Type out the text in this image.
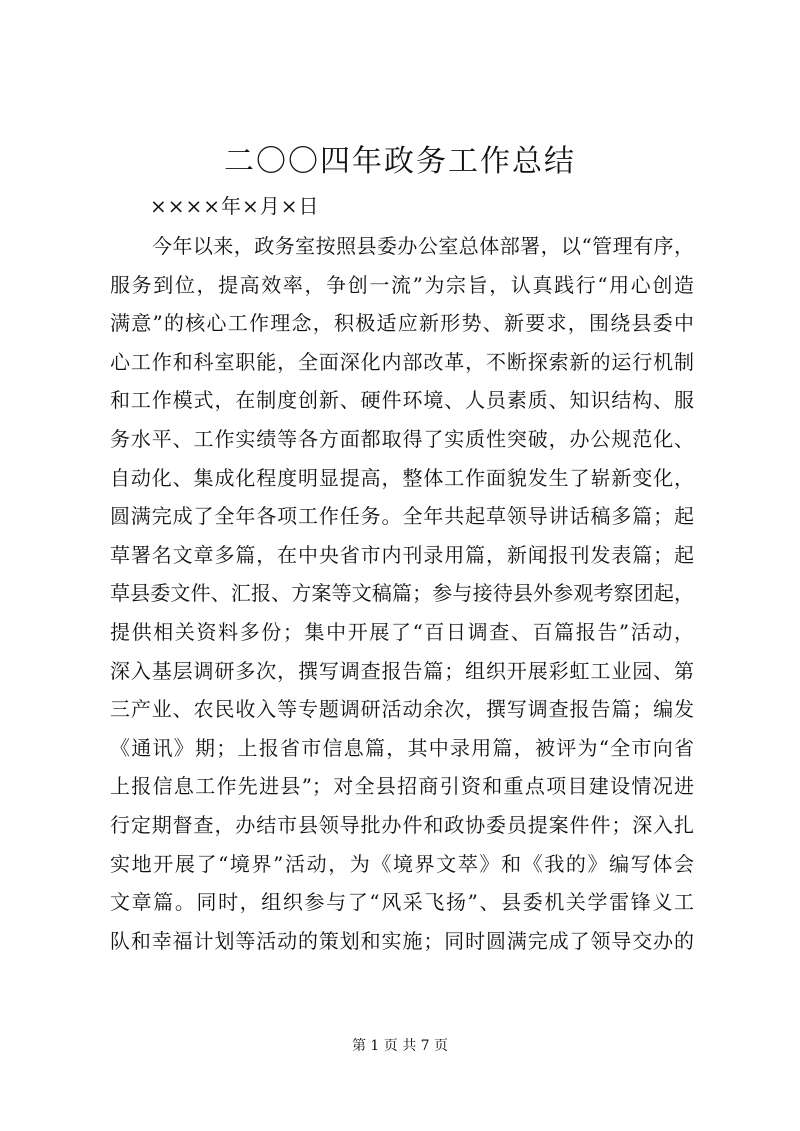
二〇〇四年政务工作总结
××××年×月×日
今年以来，政务室按照县委办公室总体部署，以“管理有序，
服务到位，提高效率，争创一流”为宗旨，认真践行“用心创造
满意”的核心工作理念，积极适应新形势、新要求，围绕县委中
心工作和科室职能，全面深化内部改革，不断探索新的运行机制
和工作模式，在制度创新、硬件环境、人员素质、知识结构、服
务水平、工作实绩等各方面都取得了实质性突破，办公规范化、
自动化、集成化程度明显提高，整体工作面貌发生了崭新变化，
圆满完成了全年各项工作任务。全年共起草领导讲话稿多篇；起
草署名文章多篇，在中央省市内刊录用篇，新闻报刊发表篇；起
草县委文件、汇报、方案等文稿篇；参与接待县外参观考察团起，
提供相关资料多份；集中开展了“百日调查、百篇报告”活动，
深入基层调研多次，撰写调查报告篇；组织开展彩虹工业园、第
三产业、农民收入等专题调研活动余次，撰写调查报告篇；编发
《通讯》期；上报省市信息篇，其中录用篇，被评为“全市向省
上报信息工作先进县”；对全县招商引资和重点项目建设情况进
行定期督查，办结市县领导批办件和政协委员提案件件；深入扎
实地开展了“境界”活动，为《境界文萃》和《我的》编写体会
文章篇。同时，组织参与了“风采飞扬”、县委机关学雷锋义工
队和幸福计划等活动的策划和实施；同时圆满完成了领导交办的
第 1 页 共 7 页
